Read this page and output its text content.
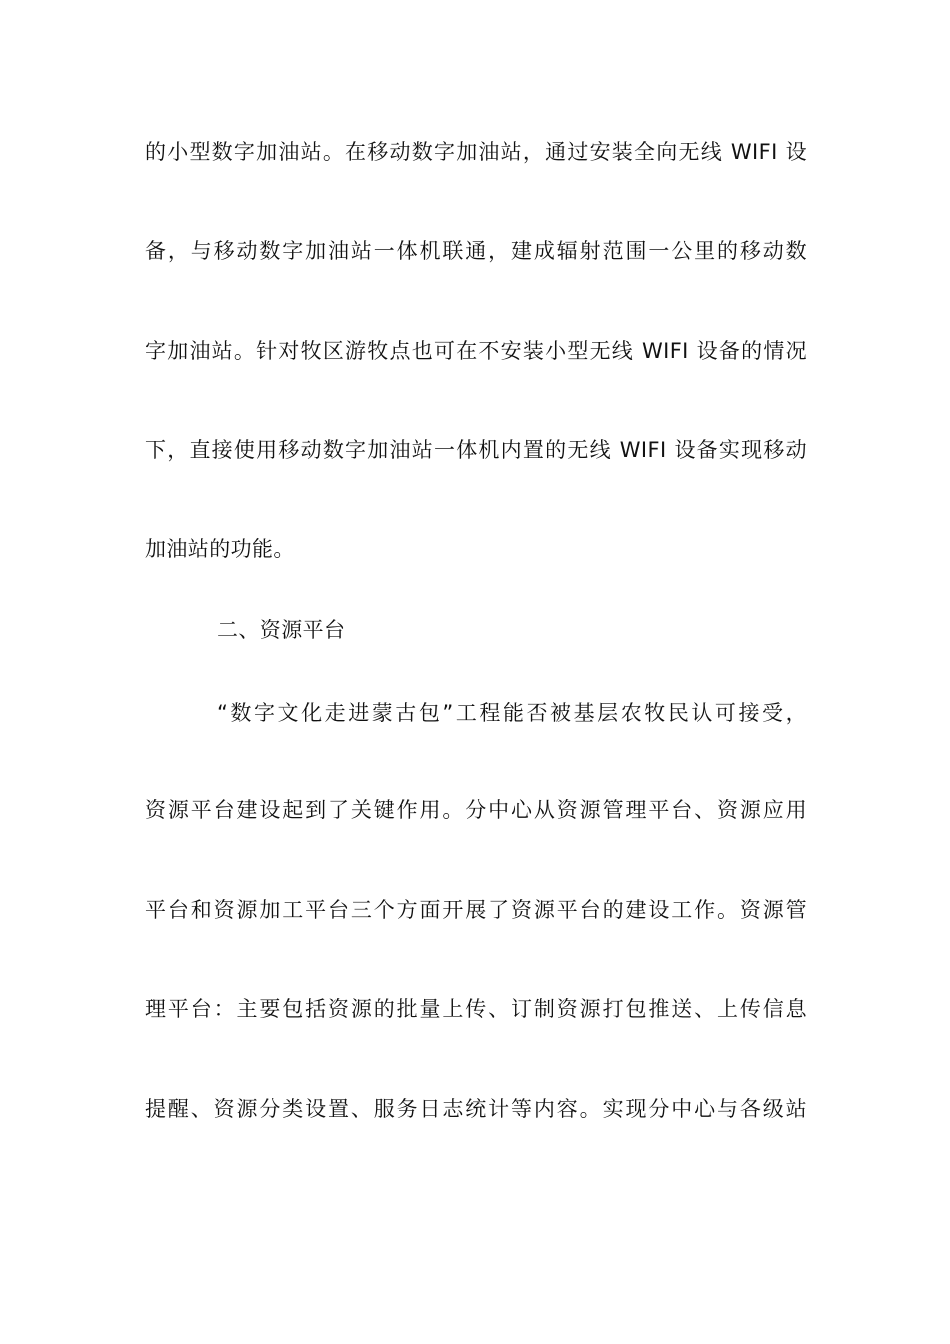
的小型数字加油站。在移动数字加油站，通过安装全向无线 WIFI 设
备，与移动数字加油站一体机联通，建成辐射范围一公里的移动数
字加油站。针对牧区游牧点也可在不安装小型无线 WIFI 设备的情况
下，直接使用移动数字加油站一体机内置的无线 WIFI 设备实现移动
加油站的功能。
二、资源平台
“数字文化走进蒙古包”工程能否被基层农牧民认可接受，
资源平台建设起到了关键作用。分中心从资源管理平台、资源应用
平台和资源加工平台三个方面开展了资源平台的建设工作。资源管
理平台：主要包括资源的批量上传、订制资源打包推送、上传信息
提醒、资源分类设置、服务日志统计等内容。实现分中心与各级站
